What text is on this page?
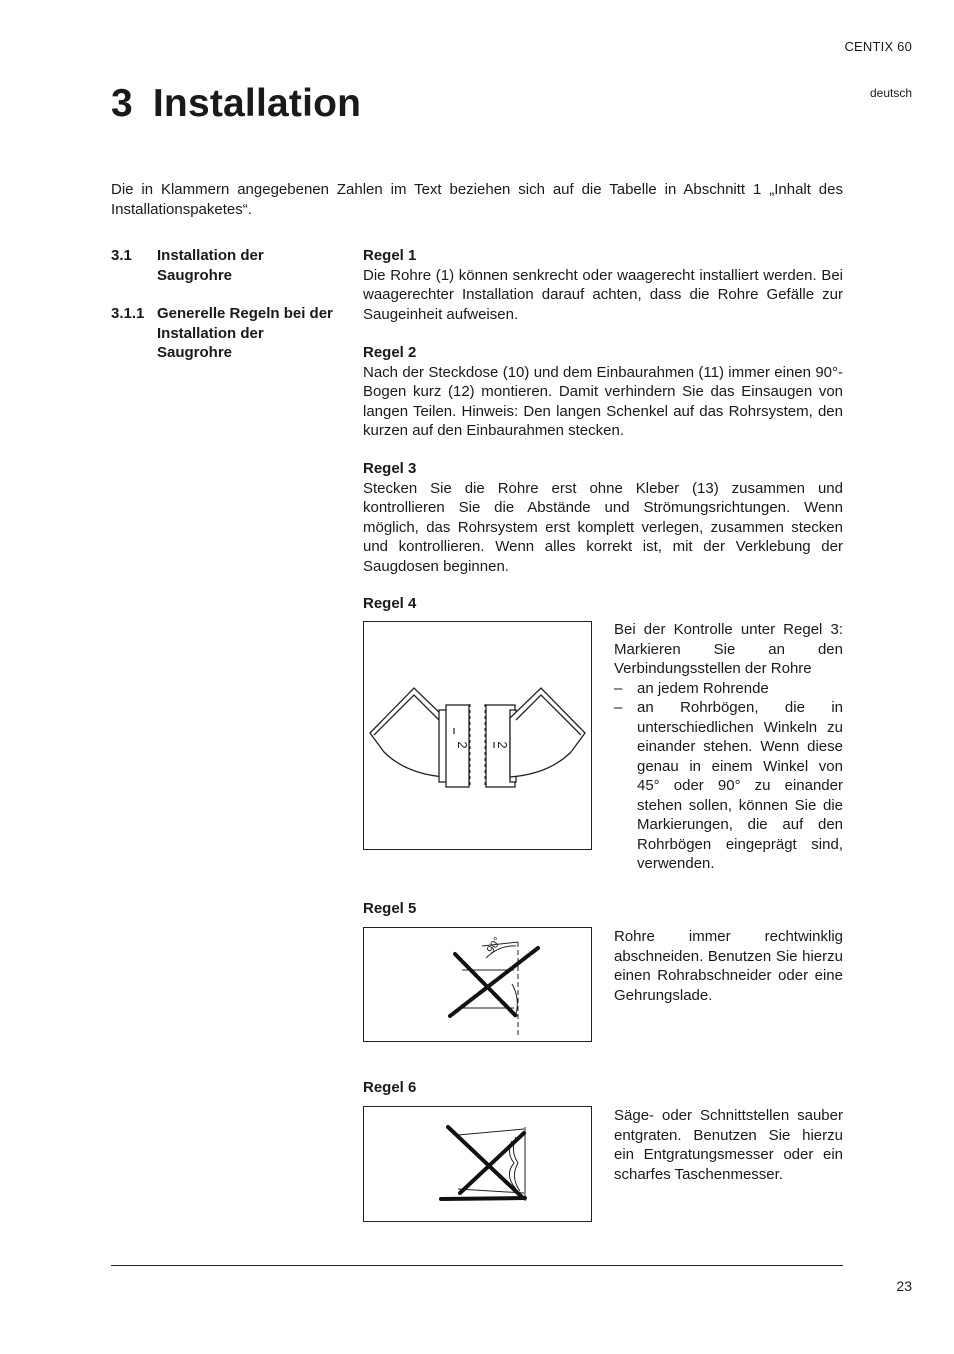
CENTIX 60
deutsch
3 Installation

Die in Klammern angegebenen Zahlen im Text beziehen sich auf die Tabelle in Abschnitt 1 „Inhalt des Installationspaketes“.

3.1	Installation der Saugrohre
3.1.1 Generelle Regeln bei der Installation der Saugrohre
Regel 1

Die Rohre (1) können senkrecht oder waagerecht installiert werden. Bei waagerechter Installation darauf achten, dass die Rohre Gefälle zur Saugeinheit aufweisen.

Regel 2

Nach der Steckdose (10) und dem Einbaurahmen (11) immer einen 90°-Bogen kurz (12) montieren. Damit verhindern Sie das Einsaugen von langen Teilen. Hinweis: Den langen Schenkel auf das Rohrsystem, den kurzen auf den Einbaurahmen stecken.

Regel 3

Stecken Sie die Rohre erst ohne Kleber (13) zusammen und kontrollieren Sie die Abstände und Strömungsrichtungen. Wenn möglich, das Rohrsystem erst komplett verlegen, zusammen stecken und kontrollieren. Wenn alles korrekt ist, mit der Verklebung der Saugdosen beginnen.

Regel 4
2 2

Bei der Kontrolle unter Regel 3: Markieren Sie an den Verbindungsstellen der Rohre

– an jedem Rohrende
– an Rohrbögen, die in unterschiedlichen Winkeln zu einander stehen. Wenn diese genau in einem Winkel von 45° oder 90° zu einander stehen sollen, können Sie die Markierungen, die auf den Rohrbögen eingeprägt sind, verwenden.
Regel 5
90°	Rohre immer rechtwinklig abschneiden. Benutzen Sie hierzu einen Rohrabschneider oder eine Gehrungslade.

Regel 6

Säge- oder Schnittstellen sauber entgraten. Benutzen Sie hierzu ein Entgratungsmesser oder ein scharfes Taschenmesser.

23
